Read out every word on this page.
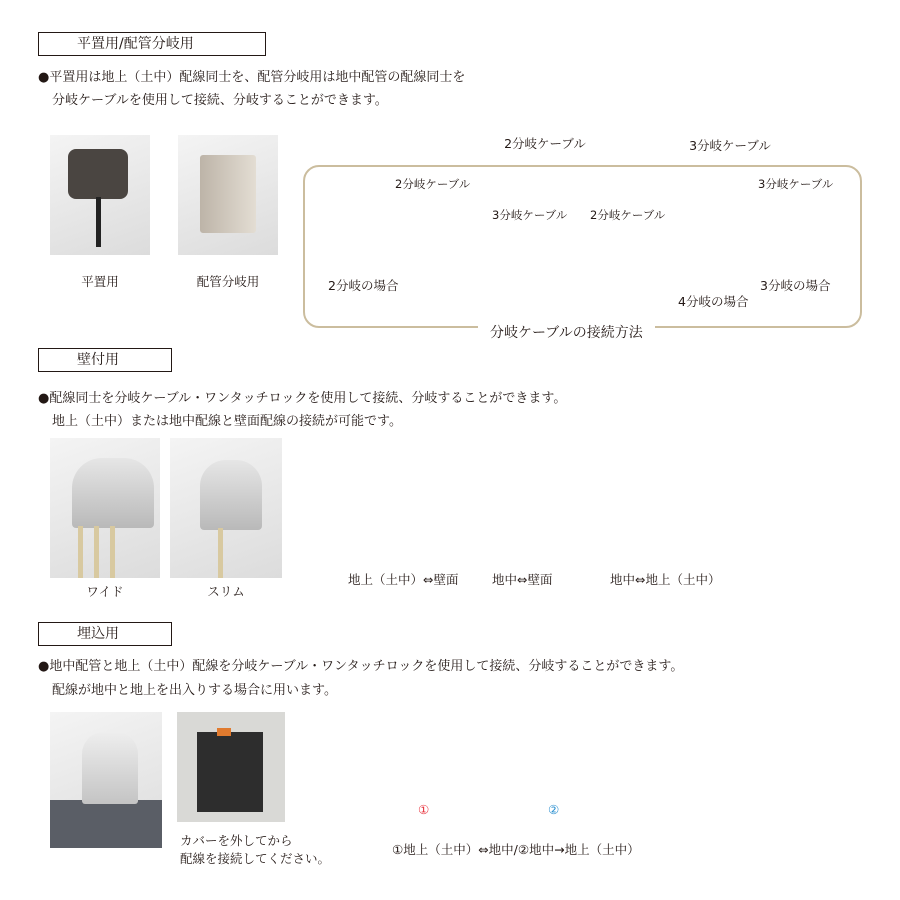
平置用/配管分岐用
●平置用は地上（土中）配線同士を、配管分岐用は地中配管の配線同士を
分岐ケーブルを使用して接続、分岐することができます。
平置用	配管分岐用
2分岐ケーブル	3分岐ケーブル
2分岐ケーブル
3分岐ケーブル 2分岐ケーブル
3分岐ケーブル
2分岐の場合
4分岐の場合
3分岐の場合
分岐ケーブルの接続方法
壁付用
●配線同士を分岐ケーブル・ワンタッチロックを使用して接続、分岐することができます。
地上（土中）または地中配線と壁面配線の接続が可能です。
ワイド	スリム
地上（土中）⇔壁面	地中⇔壁面	地中⇔地上（土中）
埋込用
●地中配管と地上（土中）配線を分岐ケーブル・ワンタッチロックを使用して接続、分岐することができます。
配線が地中と地上を出入りする場合に用います。
カバーを外してから
配線を接続してください。
①	②
①地上（土中）⇔地中/②地中→地上（土中）
